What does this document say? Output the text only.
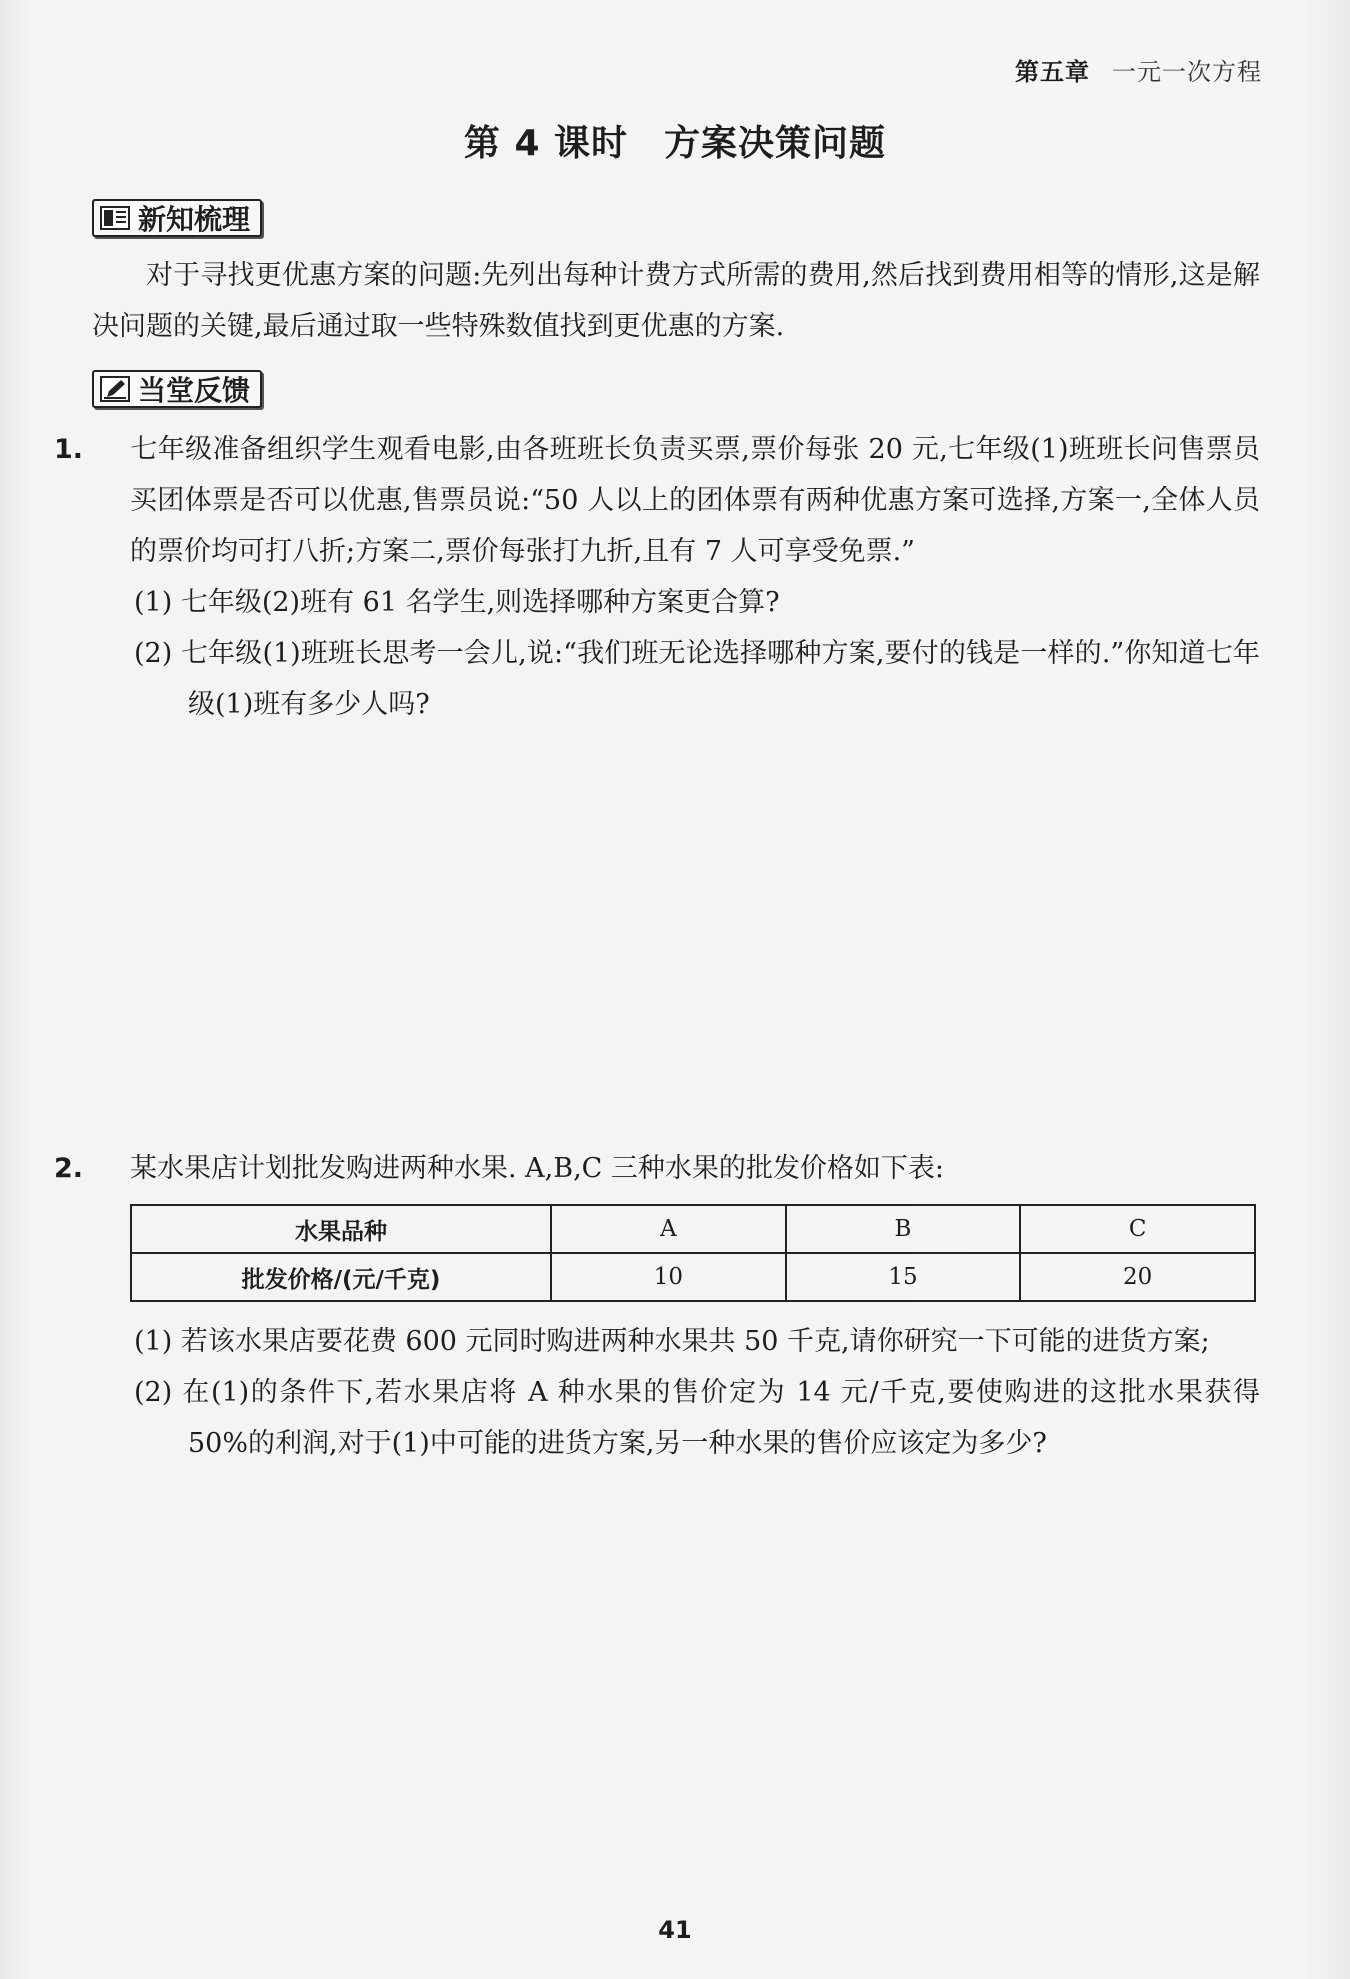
第五章 一元一次方程
第 4 课时 方案决策问题
新知梳理
对于寻找更优惠方案的问题:先列出每种计费方式所需的费用,然后找到费用相等的情形,这是解决问题的关键,最后通过取一些特殊数值找到更优惠的方案.
当堂反馈
1. 七年级准备组织学生观看电影,由各班班长负责买票,票价每张 20 元,七年级(1)班班长问售票员买团体票是否可以优惠,售票员说:“50 人以上的团体票有两种优惠方案可选择,方案一,全体人员的票价均可打八折;方案二,票价每张打九折,且有 7 人可享受免票.”
(1) 七年级(2)班有 61 名学生,则选择哪种方案更合算?
(2) 七年级(1)班班长思考一会儿,说:“我们班无论选择哪种方案,要付的钱是一样的.”你知道七年级(1)班有多少人吗?
2. 某水果店计划批发购进两种水果. A,B,C 三种水果的批发价格如下表:
水果品种	A	B	C
批发价格/(元/千克)	10	15	20
(1) 若该水果店要花费 600 元同时购进两种水果共 50 千克,请你研究一下可能的进货方案;
(2) 在(1)的条件下,若水果店将 A 种水果的售价定为 14 元/千克,要使购进的这批水果获得 50%的利润,对于(1)中可能的进货方案,另一种水果的售价应该定为多少?
41
